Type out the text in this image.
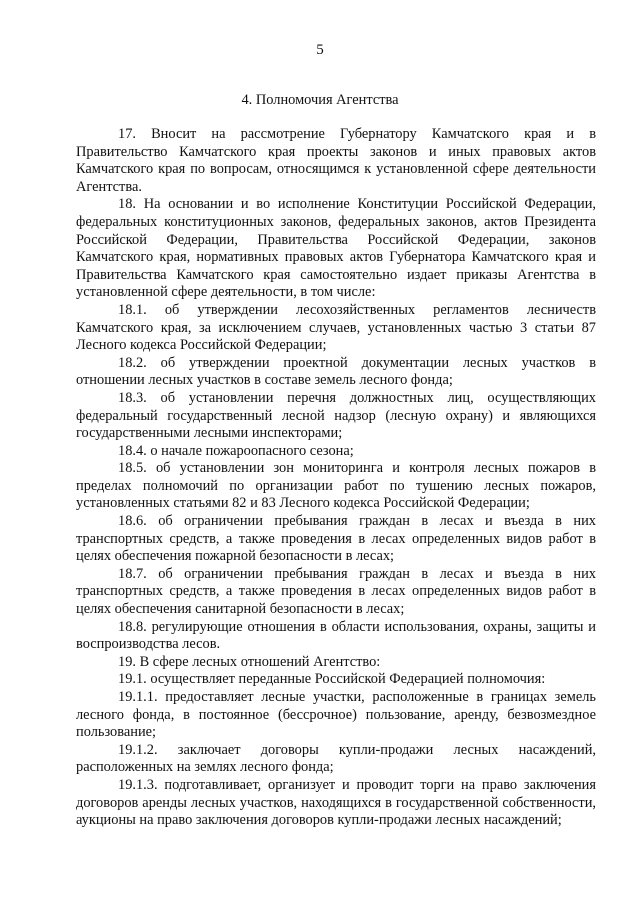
5
4. Полномочия Агентства

17. Вносит на рассмотрение Губернатору Камчатского края и в Правительство Камчатского края проекты законов и иных правовых актов Камчатского края по вопросам, относящимся к установленной сфере деятельности Агентства.

18. На основании и во исполнение Конституции Российской Федерации, федеральных конституционных законов, федеральных законов, актов Президента Российской Федерации, Правительства Российской Федерации, законов Камчатского края, нормативных правовых актов Губернатора Камчатского края и Правительства Камчатского края самостоятельно издает приказы Агентства в установленной сфере деятельности, в том числе:

18.1. об утверждении лесохозяйственных регламентов лесничеств Камчатского края, за исключением случаев, установленных частью 3 статьи 87 Лесного кодекса Российской Федерации;

18.2. об утверждении проектной документации лесных участков в отношении лесных участков в составе земель лесного фонда;

18.3. об установлении перечня должностных лиц, осуществляющих федеральный государственный лесной надзор (лесную охрану) и являющихся государственными лесными инспекторами;

18.4. о начале пожароопасного сезона;

18.5. об установлении зон мониторинга и контроля лесных пожаров в пределах полномочий по организации работ по тушению лесных пожаров, установленных статьями 82 и 83 Лесного кодекса Российской Федерации;

18.6. об ограничении пребывания граждан в лесах и въезда в них транспортных средств, а также проведения в лесах определенных видов работ в целях обеспечения пожарной безопасности в лесах;

18.7. об ограничении пребывания граждан в лесах и въезда в них транспортных средств, а также проведения в лесах определенных видов работ в целях обеспечения санитарной безопасности в лесах;

18.8. регулирующие отношения в области использования, охраны, защиты и воспроизводства лесов.

19. В сфере лесных отношений Агентство:

19.1. осуществляет переданные Российской Федерацией полномочия:

19.1.1. предоставляет лесные участки, расположенные в границах земель лесного фонда, в постоянное (бессрочное) пользование, аренду, безвозмездное пользование;

19.1.2. заключает договоры купли-продажи лесных насаждений, расположенных на землях лесного фонда;

19.1.3. подготавливает, организует и проводит торги на право заключения договоров аренды лесных участков, находящихся в государственной собственности, аукционы на право заключения договоров купли-продажи лесных насаждений;
